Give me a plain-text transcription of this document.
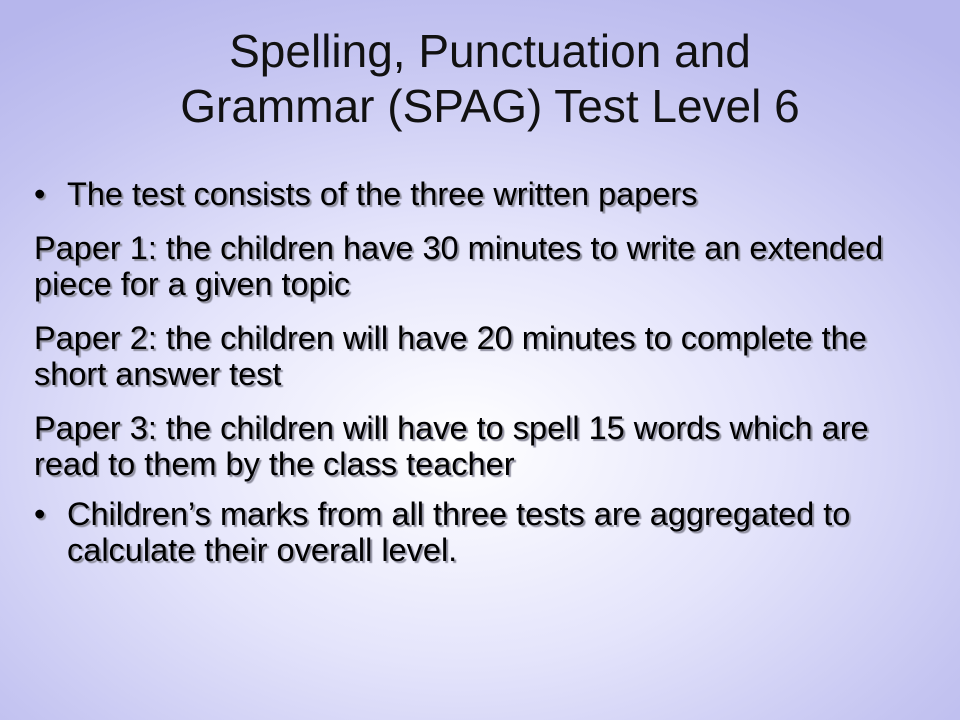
Spelling, Punctuation and
Grammar (SPAG) Test Level 6

• The test consists of the three written papers

Paper 1: the children have 30 minutes to write an extended piece for a given topic

Paper 2: the children will have 20 minutes to complete the short answer test

Paper 3: the children will have to spell 15 words which are read to them by the class teacher

• Children’s marks from all three tests are aggregated to calculate their overall level.
